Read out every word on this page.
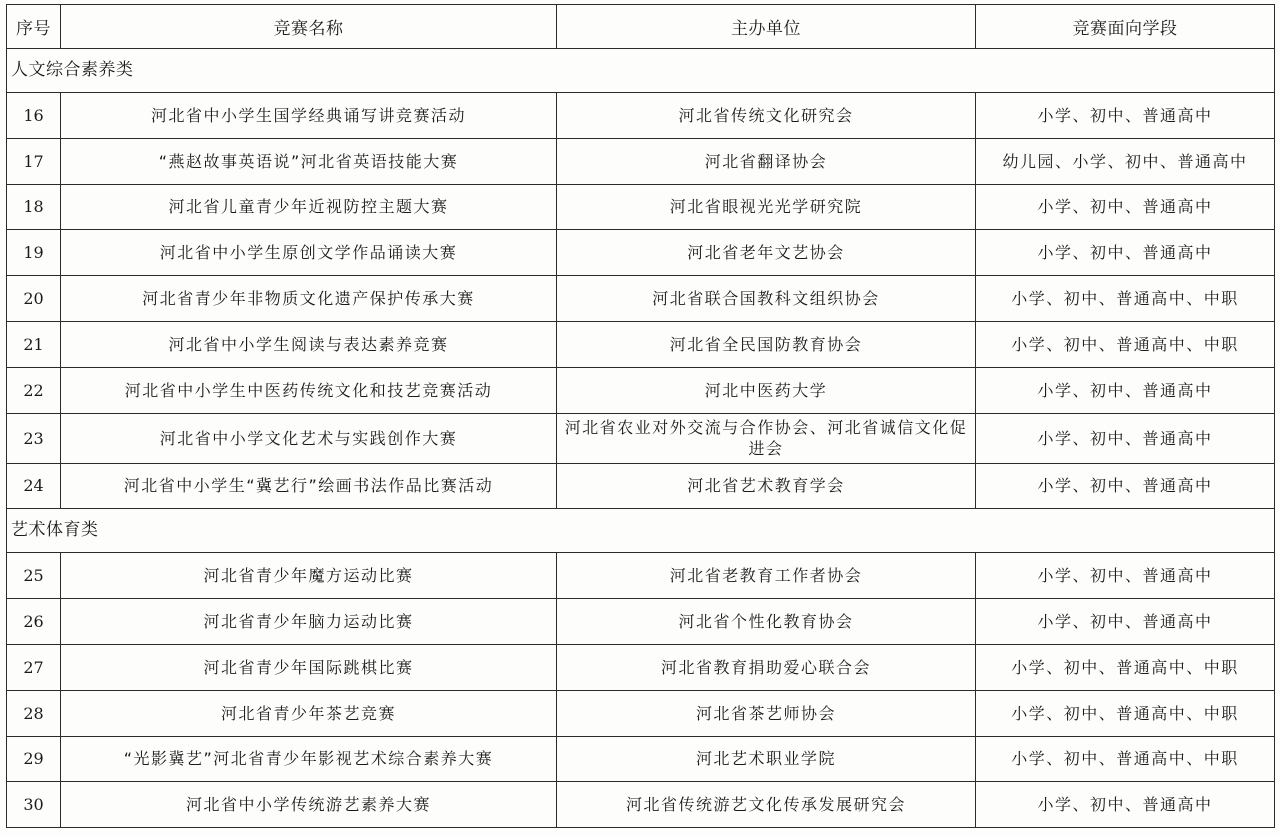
序号	竞赛名称	主办单位	竞赛面向学段
人文综合素养类			
16	河北省中小学生国学经典诵写讲竞赛活动	河北省传统文化研究会	小学、初中、普通高中
17	“燕赵故事英语说”河北省英语技能大赛	河北省翻译协会	幼儿园、小学、初中、普通高中
18	河北省儿童青少年近视防控主题大赛	河北省眼视光光学研究院	小学、初中、普通高中
19	河北省中小学生原创文学作品诵读大赛	河北省老年文艺协会	小学、初中、普通高中
20	河北省青少年非物质文化遗产保护传承大赛	河北省联合国教科文组织协会	小学、初中、普通高中、中职
21	河北省中小学生阅读与表达素养竞赛	河北省全民国防教育协会	小学、初中、普通高中、中职
22	河北省中小学生中医药传统文化和技艺竞赛活动	河北中医药大学	小学、初中、普通高中
23	河北省中小学文化艺术与实践创作大赛	河北省农业对外交流与合作协会、河北省诚信文化促进会	小学、初中、普通高中
24	河北省中小学生“冀艺行”绘画书法作品比赛活动	河北省艺术教育学会	小学、初中、普通高中
艺术体育类			
25	河北省青少年魔方运动比赛	河北省老教育工作者协会	小学、初中、普通高中
26	河北省青少年脑力运动比赛	河北省个性化教育协会	小学、初中、普通高中
27	河北省青少年国际跳棋比赛	河北省教育捐助爱心联合会	小学、初中、普通高中、中职
28	河北省青少年茶艺竞赛	河北省茶艺师协会	小学、初中、普通高中、中职
29	“光影冀艺”河北省青少年影视艺术综合素养大赛	河北艺术职业学院	小学、初中、普通高中、中职
30	河北省中小学传统游艺素养大赛	河北省传统游艺文化传承发展研究会	小学、初中、普通高中
